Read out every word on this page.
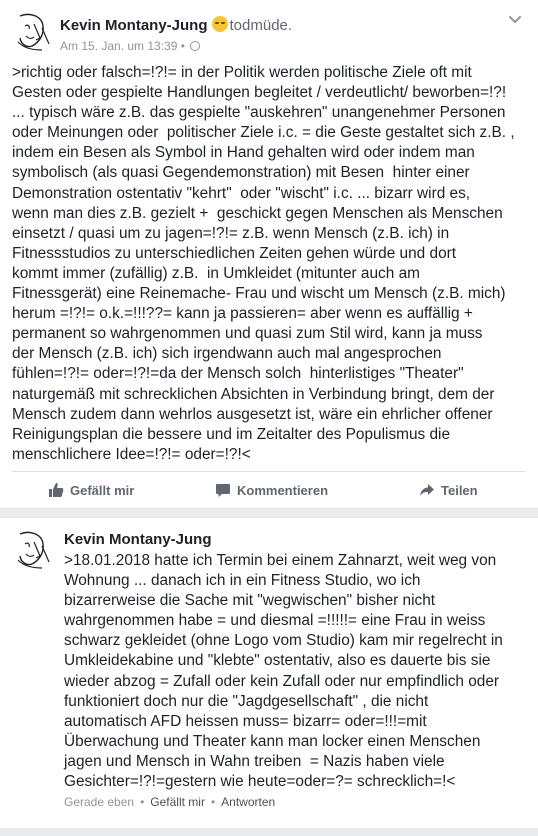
Kevin Montany-Jung todmüde.
Am 15. Jan. um 13:39 •
>richtig oder falsch=!?!= in der Politik werden politische Ziele oft mit
Gesten oder gespielte Handlungen begleitet / verdeutlicht/ beworben=!?!
... typisch wäre z.B. das gespielte "auskehren" unangenehmer Personen
oder Meinungen oder  politischer Ziele i.c. = die Geste gestaltet sich z.B. ,
indem ein Besen als Symbol in Hand gehalten wird oder indem man
symbolisch (als quasi Gegendemonstration) mit Besen  hinter einer
Demonstration ostentativ "kehrt"  oder "wischt" i.c. ... bizarr wird es,
wenn man dies z.B. gezielt +  geschickt gegen Menschen als Menschen
einsetzt / quasi um zu jagen=!?!= z.B. wenn Mensch (z.B. ich) in
Fitnessstudios zu unterschiedlichen Zeiten gehen würde und dort
kommt immer (zufällig) z.B.  in Umkleidet (mitunter auch am
Fitnessgerät) eine Reinemache- Frau und wischt um Mensch (z.B. mich)
herum =!?!= o.k.=!!!??= kann ja passieren= aber wenn es auffällig +
permanent so wahrgenommen und quasi zum Stil wird, kann ja muss
der Mensch (z.B. ich) sich irgendwann auch mal angesprochen
fühlen=!?!= oder=!?!=da der Mensch solch  hinterlistiges "Theater"
naturgemäß mit schrecklichen Absichten in Verbindung bringt, dem der
Mensch zudem dann wehrlos ausgesetzt ist, wäre ein ehrlicher offener
Reinigungsplan die bessere und im Zeitalter des Populismus die
menschlichere Idee=!?!= oder=!?!<
Gefällt mir	Kommentieren	Teilen
Kevin Montany-Jung
>18.01.2018 hatte ich Termin bei einem Zahnarzt, weit weg von
Wohnung ... danach ich in ein Fitness Studio, wo ich
bizarrerweise die Sache mit "wegwischen" bisher nicht
wahrgenommen habe = und diesmal =!!!!!= eine Frau in weiss
schwarz gekleidet (ohne Logo vom Studio) kam mir regelrecht in
Umkleidekabine und "klebte" ostentativ, also es dauerte bis sie
wieder abzog = Zufall oder kein Zufall oder nur empfindlich oder
funktioniert doch nur die "Jagdgesellschaft" , die nicht
automatisch AFD heissen muss= bizarr= oder=!!!=mit
Überwachung und Theater kann man locker einen Menschen
jagen und Mensch in Wahn treiben  = Nazis haben viele
Gesichter=!?!=gestern wie heute=oder=?= schrecklich=!<
Gerade eben • Gefällt mir • Antworten
